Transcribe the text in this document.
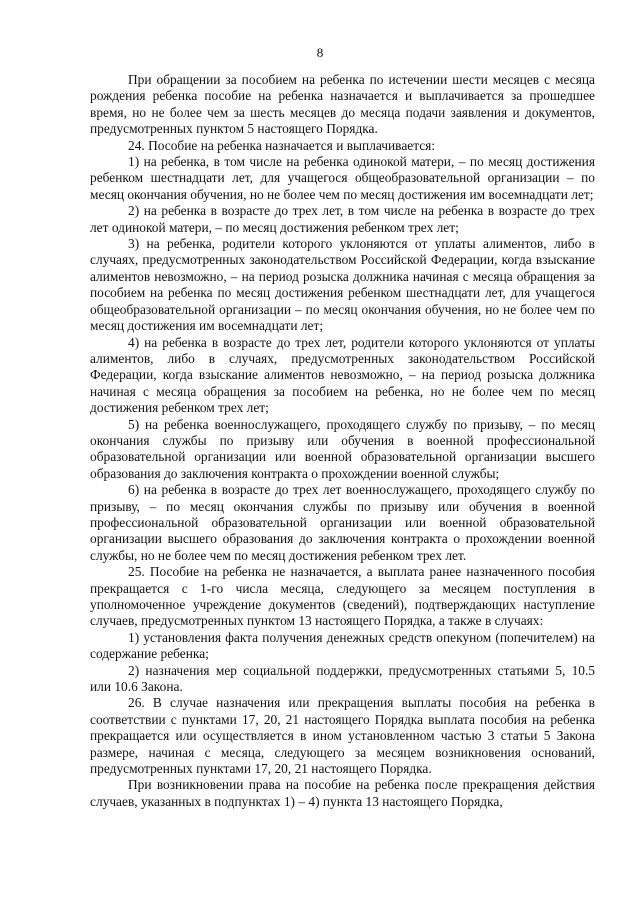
8

При обращении за пособием на ребенка по истечении шести месяцев с месяца рождения ребенка пособие на ребенка назначается и выплачивается за прошедшее время, но не более чем за шесть месяцев до месяца подачи заявления и документов, предусмотренных пунктом 5 настоящего Порядка.

24. Пособие на ребенка назначается и выплачивается:

1) на ребенка, в том числе на ребенка одинокой матери, – по месяц достижения ребенком шестнадцати лет, для учащегося общеобразовательной организации – по месяц окончания обучения, но не более чем по месяц достижения им восемнадцати лет;

2) на ребенка в возрасте до трех лет, в том числе на ребенка в возрасте до трех лет одинокой матери, – по месяц достижения ребенком трех лет;

3) на ребенка, родители которого уклоняются от уплаты алиментов, либо в случаях, предусмотренных законодательством Российской Федерации, когда взыскание алиментов невозможно, – на период розыска должника начиная с месяца обращения за пособием на ребенка по месяц достижения ребенком шестнадцати лет, для учащегося общеобразовательной организации – по месяц окончания обучения, но не более чем по месяц достижения им восемнадцати лет;

4) на ребенка в возрасте до трех лет, родители которого уклоняются от уплаты алиментов, либо в случаях, предусмотренных законодательством Российской Федерации, когда взыскание алиментов невозможно, – на период розыска должника начиная с месяца обращения за пособием на ребенка, но не более чем по месяц достижения ребенком трех лет;

5) на ребенка военнослужащего, проходящего службу по призыву, – по месяц окончания службы по призыву или обучения в военной профессиональной образовательной организации или военной образовательной организации высшего образования до заключения контракта о прохождении военной службы;

6) на ребенка в возрасте до трех лет военнослужащего, проходящего службу по призыву, – по месяц окончания службы по призыву или обучения в военной профессиональной образовательной организации или военной образовательной организации высшего образования до заключения контракта о прохождении военной службы, но не более чем по месяц достижения ребенком трех лет.

25. Пособие на ребенка не назначается, а выплата ранее назначенного пособия прекращается с 1-го числа месяца, следующего за месяцем поступления в уполномоченное учреждение документов (сведений), подтверждающих наступление случаев, предусмотренных пунктом 13 настоящего Порядка, а также в случаях:

1) установления факта получения денежных средств опекуном (попечителем) на содержание ребенка;

2) назначения мер социальной поддержки, предусмотренных статьями 5, 10.5 или 10.6 Закона.

26. В случае назначения или прекращения выплаты пособия на ребенка в соответствии с пунктами 17, 20, 21 настоящего Порядка выплата пособия на ребенка прекращается или осуществляется в ином установленном частью 3 статьи 5 Закона размере, начиная с месяца, следующего за месяцем возникновения оснований, предусмотренных пунктами 17, 20, 21 настоящего Порядка.

При возникновении права на пособие на ребенка после прекращения действия случаев, указанных в подпунктах 1) – 4) пункта 13 настоящего Порядка,
